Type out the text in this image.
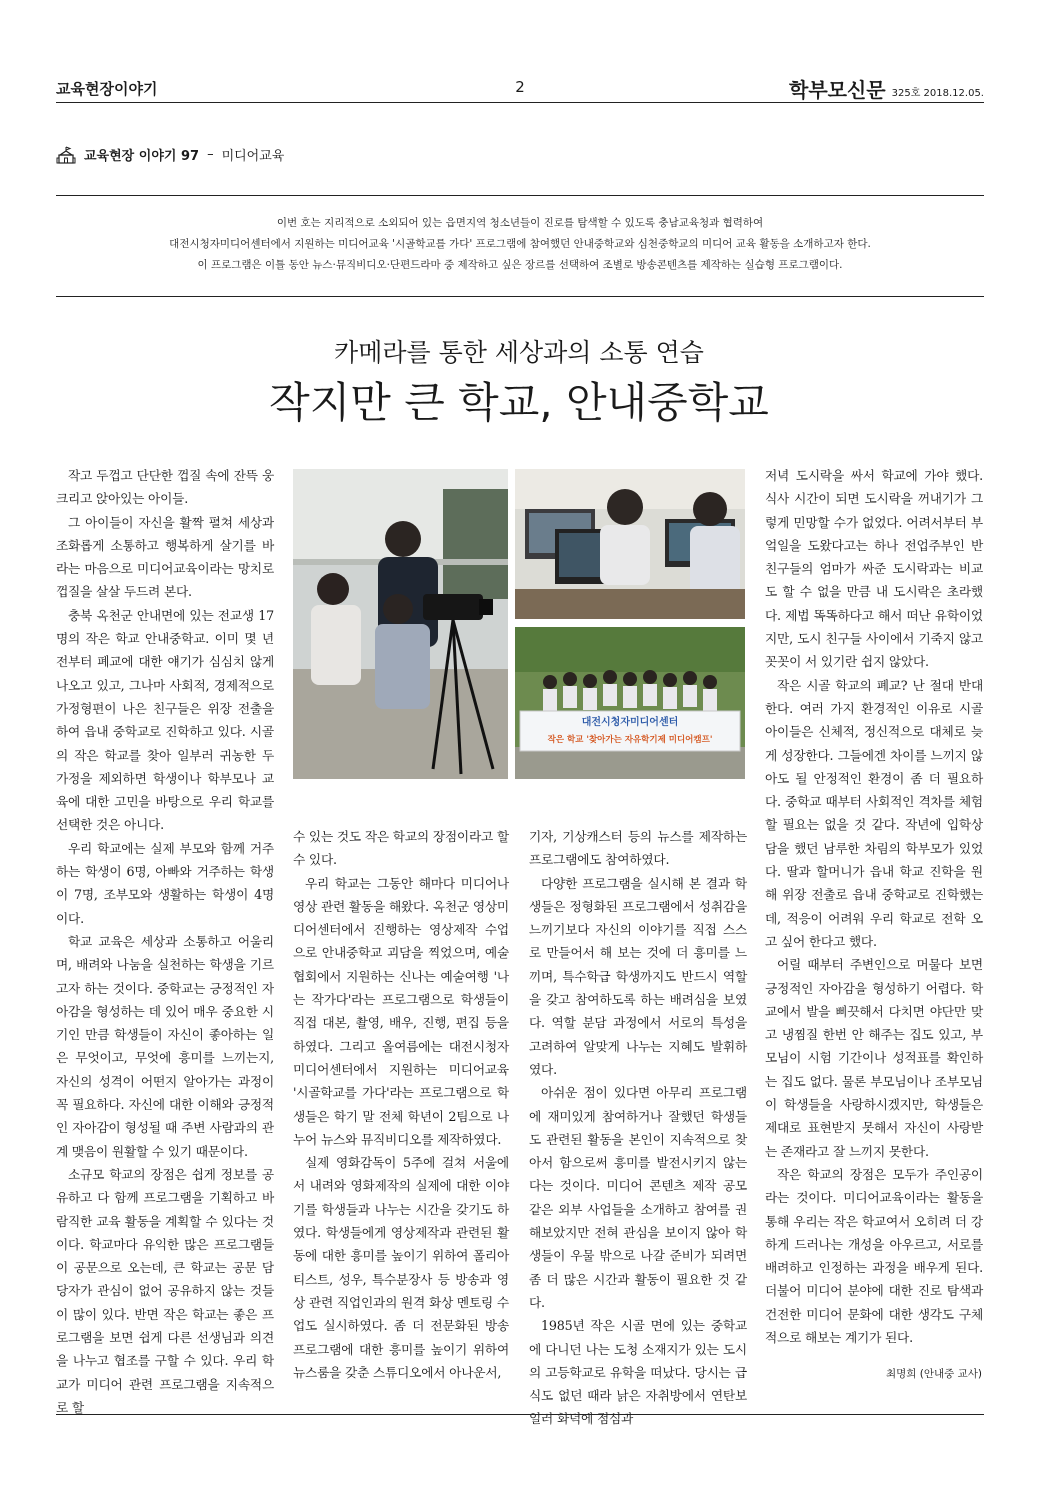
교육현장이야기	2	학부모신문 325호 2018.12.05.
교육현장 이야기 97 – 미디어교육
이번 호는 지리적으로 소외되어 있는 읍면지역 청소년들이 진로를 탐색할 수 있도록 충남교육청과 협력하여
대전시청자미디어센터에서 지원하는 미디어교육 '시골학교를 가다' 프로그램에 참여했던 안내중학교와 심천중학교의 미디어 교육 활동을 소개하고자 한다.
이 프로그램은 이틀 동안 뉴스·뮤직비디오·단편드라마 중 제작하고 싶은 장르를 선택하여 조별로 방송콘텐츠를 제작하는 실습형 프로그램이다.
카메라를 통한 세상과의 소통 연습
작지만 큰 학교, 안내중학교
대전시청자미디어센터
작은 학교 '찾아가는 자유학기제 미디어캠프'

작고 두껍고 단단한 껍질 속에 잔뜩 웅크리고 앉아있는 아이들.

그 아이들이 자신을 활짝 펼쳐 세상과 조화롭게 소통하고 행복하게 살기를 바라는 마음으로 미디어교육이라는 망치로 껍질을 살살 두드려 본다.

충북 옥천군 안내면에 있는 전교생 17명의 작은 학교 안내중학교. 이미 몇 년 전부터 폐교에 대한 얘기가 심심치 않게 나오고 있고, 그나마 사회적, 경제적으로 가정형편이 나은 친구들은 위장 전출을 하여 읍내 중학교로 진학하고 있다. 시골의 작은 학교를 찾아 일부러 귀농한 두 가정을 제외하면 학생이나 학부모나 교육에 대한 고민을 바탕으로 우리 학교를 선택한 것은 아니다.

우리 학교에는 실제 부모와 함께 거주하는 학생이 6명, 아빠와 거주하는 학생이 7명, 조부모와 생활하는 학생이 4명이다.

학교 교육은 세상과 소통하고 어울리며, 배려와 나눔을 실천하는 학생을 기르고자 하는 것이다. 중학교는 긍정적인 자아감을 형성하는 데 있어 매우 중요한 시기인 만큼 학생들이 자신이 좋아하는 일은 무엇이고, 무엇에 흥미를 느끼는지, 자신의 성격이 어떤지 알아가는 과정이 꼭 필요하다. 자신에 대한 이해와 긍정적인 자아감이 형성될 때 주변 사람과의 관계 맺음이 원활할 수 있기 때문이다.

소규모 학교의 장점은 쉽게 정보를 공유하고 다 함께 프로그램을 기획하고 바람직한 교육 활동을 계획할 수 있다는 것이다. 학교마다 유익한 많은 프로그램들이 공문으로 오는데, 큰 학교는 공문 담당자가 관심이 없어 공유하지 않는 것들이 많이 있다. 반면 작은 학교는 좋은 프로그램을 보면 쉽게 다른 선생님과 의견을 나누고 협조를 구할 수 있다. 우리 학교가 미디어 관련 프로그램을 지속적으로 할

수 있는 것도 작은 학교의 장점이라고 할 수 있다.

우리 학교는 그동안 해마다 미디어나 영상 관련 활동을 해왔다. 옥천군 영상미디어센터에서 진행하는 영상제작 수업으로 안내중학교 괴담을 찍었으며, 예술협회에서 지원하는 신나는 예술여행 '나는 작가다'라는 프로그램으로 학생들이 직접 대본, 촬영, 배우, 진행, 편집 등을 하였다. 그리고 올여름에는 대전시청자미디어센터에서 지원하는 미디어교육 '시골학교를 가다'라는 프로그램으로 학생들은 학기 말 전체 학년이 2팀으로 나누어 뉴스와 뮤직비디오를 제작하였다.

실제 영화감독이 5주에 걸쳐 서울에서 내려와 영화제작의 실제에 대한 이야기를 학생들과 나누는 시간을 갖기도 하였다. 학생들에게 영상제작과 관련된 활동에 대한 흥미를 높이기 위하여 폴리아티스트, 성우, 특수분장사 등 방송과 영상 관련 직업인과의 원격 화상 멘토링 수업도 실시하였다. 좀 더 전문화된 방송 프로그램에 대한 흥미를 높이기 위하여 뉴스룸을 갖춘 스튜디오에서 아나운서,

기자, 기상캐스터 등의 뉴스를 제작하는 프로그램에도 참여하였다.

다양한 프로그램을 실시해 본 결과 학생들은 정형화된 프로그램에서 성취감을 느끼기보다 자신의 이야기를 직접 스스로 만들어서 해 보는 것에 더 흥미를 느끼며, 특수학급 학생까지도 반드시 역할을 갖고 참여하도록 하는 배려심을 보였다. 역할 분담 과정에서 서로의 특성을 고려하여 알맞게 나누는 지혜도 발휘하였다.

아쉬운 점이 있다면 아무리 프로그램에 재미있게 참여하거나 잘했던 학생들도 관련된 활동을 본인이 지속적으로 찾아서 함으로써 흥미를 발전시키지 않는다는 것이다. 미디어 콘텐츠 제작 공모 같은 외부 사업들을 소개하고 참여를 권해보았지만 전혀 관심을 보이지 않아 학생들이 우물 밖으로 나갈 준비가 되려면 좀 더 많은 시간과 활동이 필요한 것 같다.

1985년 작은 시골 면에 있는 중학교에 다니던 나는 도청 소재지가 있는 도시의 고등학교로 유학을 떠났다. 당시는 급식도 없던 때라 낡은 자취방에서 연탄보일러 화덕에 점심과

저녁 도시락을 싸서 학교에 가야 했다. 식사 시간이 되면 도시락을 꺼내기가 그렇게 민망할 수가 없었다. 어려서부터 부엌일을 도왔다고는 하나 전업주부인 반 친구들의 엄마가 싸준 도시락과는 비교도 할 수 없을 만큼 내 도시락은 초라했다. 제법 똑똑하다고 해서 떠난 유학이었지만, 도시 친구들 사이에서 기죽지 않고 꼿꼿이 서 있기란 쉽지 않았다.

작은 시골 학교의 폐교? 난 절대 반대한다. 여러 가지 환경적인 이유로 시골 아이들은 신체적, 정신적으로 대체로 늦게 성장한다. 그들에겐 차이를 느끼지 않아도 될 안정적인 환경이 좀 더 필요하다. 중학교 때부터 사회적인 격차를 체험할 필요는 없을 것 같다. 작년에 입학상담을 했던 남루한 차림의 학부모가 있었다. 딸과 할머니가 읍내 학교 진학을 원해 위장 전출로 읍내 중학교로 진학했는데, 적응이 어려워 우리 학교로 전학 오고 싶어 한다고 했다.

어릴 때부터 주변인으로 머물다 보면 긍정적인 자아감을 형성하기 어렵다. 학교에서 발을 삐끗해서 다치면 야단만 맞고 냉찜질 한번 안 해주는 집도 있고, 부모님이 시험 기간이나 성적표를 확인하는 집도 없다. 물론 부모님이나 조부모님이 학생들을 사랑하시겠지만, 학생들은 제대로 표현받지 못해서 자신이 사랑받는 존재라고 잘 느끼지 못한다.

작은 학교의 장점은 모두가 주인공이라는 것이다. 미디어교육이라는 활동을 통해 우리는 작은 학교여서 오히려 더 강하게 드러나는 개성을 아우르고, 서로를 배려하고 인정하는 과정을 배우게 된다. 더불어 미디어 분야에 대한 진로 탐색과 건전한 미디어 문화에 대한 생각도 구체적으로 해보는 계기가 된다.

최명희 (안내중 교사)
